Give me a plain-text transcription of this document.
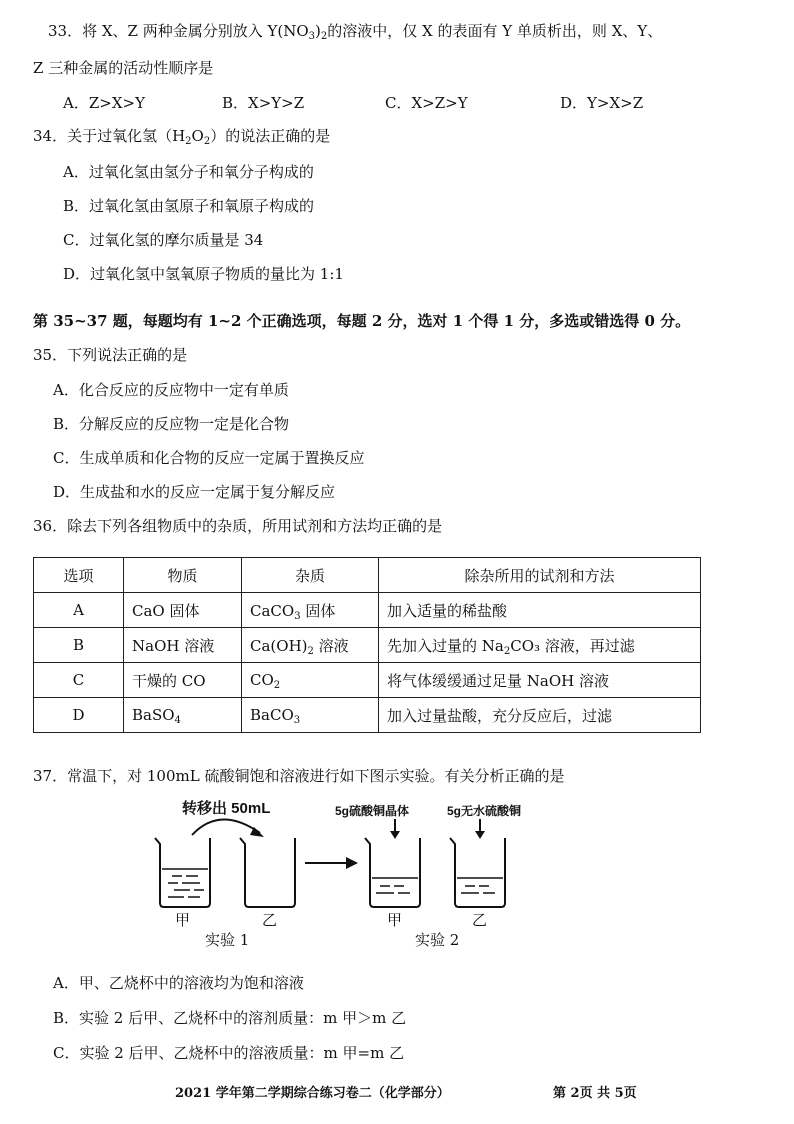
33．将 X、Z 两种金属分别放入 $Y(NO_3)_2$的溶液中，仅 X 的表面有 Y 单质析出，则 X、Y、
Z 三种金属的活动性顺序是
A．Z>X>Y	B．X>Y>Z	C．X>Z>Y	D．Y>X>Z
34．关于过氧化氢$(H_2O_2)$的说法正确的是
A．过氧化氢由氢分子和氧分子构成的
B．过氧化氢由氢原子和氧原子构成的
C．过氧化氢的摩尔质量是 34
D．过氧化氢中氢氧原子物质的量比为 1:1
第 35~37 题，每题均有 1~2 个正确选项，每题 2 分，选对 1 个得 1 分，多选或错选得 0 分。
35．下列说法正确的是
A．化合反应的反应物中一定有单质
B．分解反应的反应物一定是化合物
C．生成单质和化合物的反应一定属于置换反应
D．生成盐和水的反应一定属于复分解反应
36．除去下列各组物质中的杂质，所用试剂和方法均正确的是
选项	物质	杂质	除杂所用的试剂和方法
A	CaO 固体	CaCO$_3$ 固体	加入适量的稀盐酸
B	NaOH 溶液	$Ca(OH)_2$ 溶液	先加入过量的 $Na_2CO_3$ 溶液，再过滤
C	干燥的 CO	$CO_2$	将气体缓缓通过足量 NaOH 溶液
D	BaSO$_4$	BaCO$_3$	加入过量盐酸，充分反应后，过滤
37．常温下，对 100mL 硫酸铜饱和溶液进行如下图示实验。有关分析正确的是
转移出 50mL	5g硫酸铜晶体	5g无水硫酸铜
甲	乙	甲	乙
实验 1	实验 2
A．甲、乙烧杯中的溶液均为饱和溶液
B．实验 2 后甲、乙烧杯中的溶剂质量：m 甲＞m 乙
C．实验 2 后甲、乙烧杯中的溶液质量：m 甲=m 乙
2021 学年第二学期综合练习卷二（化学部分）	第 2页 共 5页
